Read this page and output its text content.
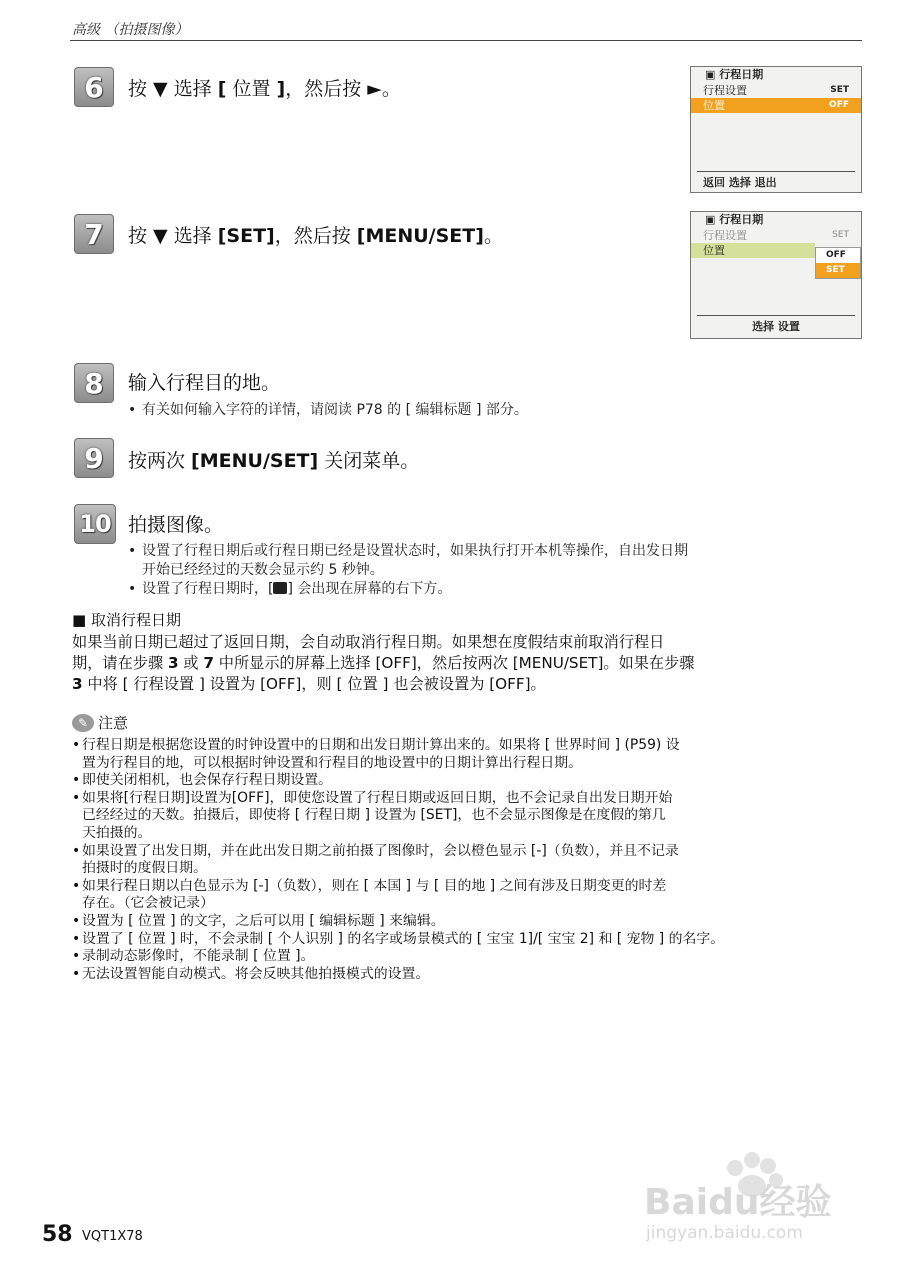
高级 （拍摄图像）
6	按 ▼ 选择 [ 位置 ]，然后按 ►。
▣ 行程日期
行程设置	SET
位置	OFF
返回 选择 退出
7	按 ▼ 选择 [SET]，然后按 [MENU/SET]。
▣ 行程日期
行程设置	SET
位置	OFF
SET
选择 设置
8	输入行程目的地。
• 有关如何输入字符的详情，请阅读 P78 的 [ 编辑标题 ] 部分。
9	按两次 [MENU/SET] 关闭菜单。
10 拍摄图像。
• 设置了行程日期后或行程日期已经是设置状态时，如果执行打开本机等操作，自出发日期
开始已经经过的天数会显示约 5 秒钟。
• 设置了行程日期时，[ ] 会出现在屏幕的右下方。
■ 取消行程日期
如果当前日期已超过了返回日期，会自动取消行程日期。如果想在度假结束前取消行程日
期，请在步骤 3 或 7 中所显示的屏幕上选择 [OFF]，然后按两次 [MENU/SET]。如果在步骤
3 中将 [ 行程设置 ] 设置为 [OFF]，则 [ 位置 ] 也会被设置为 [OFF]。
✎ 注意
• 行程日期是根据您设置的时钟设置中的日期和出发日期计算出来的。如果将 [ 世界时间 ] (P59) 设
置为行程目的地，可以根据时钟设置和行程目的地设置中的日期计算出行程日期。
• 即使关闭相机，也会保存行程日期设置。
• 如果将[行程日期]设置为[OFF]，即使您设置了行程日期或返回日期，也不会记录自出发日期开始
已经经过的天数。拍摄后，即使将 [ 行程日期 ] 设置为 [SET]，也不会显示图像是在度假的第几
天拍摄的。
• 如果设置了出发日期，并在此出发日期之前拍摄了图像时，会以橙色显示 [-]（负数），并且不记录
拍摄时的度假日期。
• 如果行程日期以白色显示为 [-]（负数），则在 [ 本国 ] 与 [ 目的地 ] 之间有涉及日期变更的时差
存在。（它会被记录）
• 设置为 [ 位置 ] 的文字，之后可以用 [ 编辑标题 ] 来编辑。
• 设置了 [ 位置 ] 时，不会录制 [ 个人识别 ] 的名字或场景模式的 [ 宝宝 1]/[ 宝宝 2] 和 [ 宠物 ] 的名字。
• 录制动态影像时，不能录制 [ 位置 ]。
• 无法设置智能自动模式。将会反映其他拍摄模式的设置。
Baidu经验
jingyan.baidu.com
58 VQT1X78
